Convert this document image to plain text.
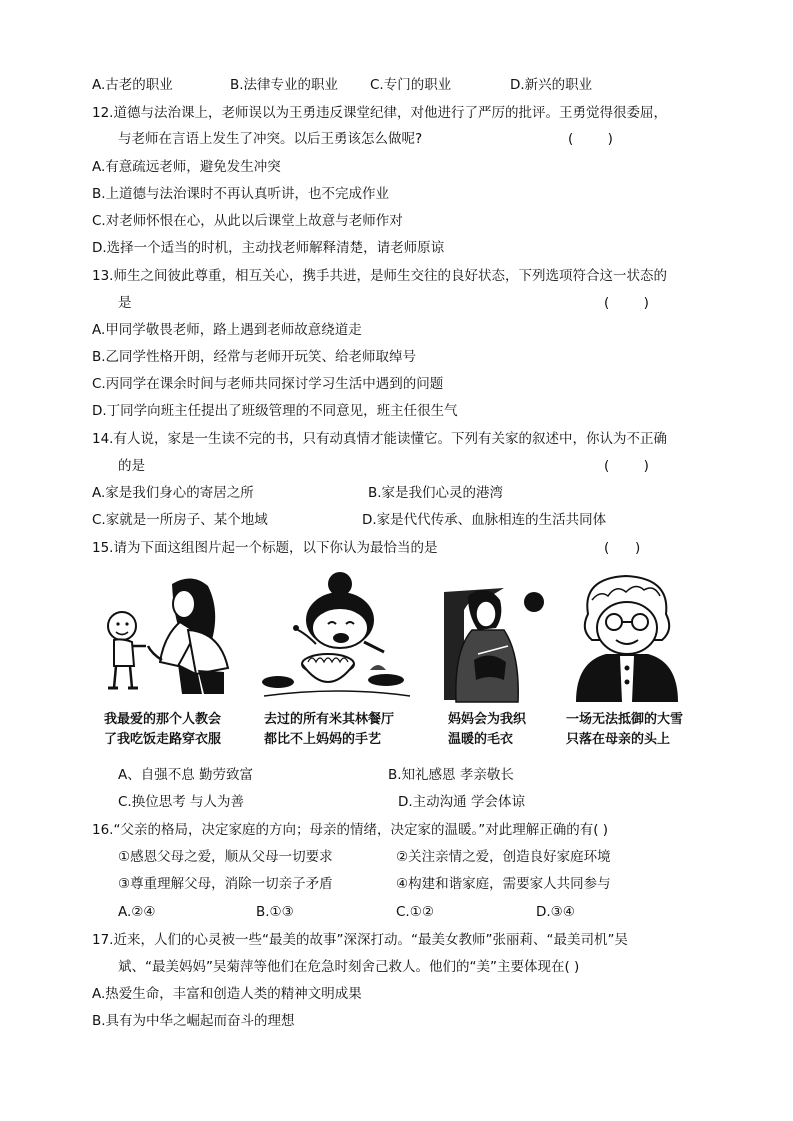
A.古老的职业	B.法律专业的职业 C.专门的职业	D.新兴的职业
12.道德与法治课上，老师误以为王勇违反课堂纪律，对他进行了严厉的批评。王勇觉得很委屈，
与老师在言语上发生了冲突。以后王勇该怎么做呢?	(        )
A.有意疏远老师，避免发生冲突
B.上道德与法治课时不再认真听讲，也不完成作业
C.对老师怀恨在心，从此以后课堂上故意与老师作对
D.选择一个适当的时机，主动找老师解释清楚，请老师原谅
13.师生之间彼此尊重，相互关心，携手共进，是师生交往的良好状态，下列选项符合这一状态的
是	(        )
A.甲同学敬畏老师，路上遇到老师故意绕道走
B.乙同学性格开朗，经常与老师开玩笑、给老师取绰号
C.丙同学在课余时间与老师共同探讨学习生活中遇到的问题
D.丁同学向班主任提出了班级管理的不同意见，班主任很生气
14.有人说，家是一生读不完的书，只有动真情才能读懂它。下列有关家的叙述中，你认为不正确
的是	(        )
A.家是我们身心的寄居之所	B.家是我们心灵的港湾
C.家就是一所房子、某个地域	D.家是代代传承、血脉相连的生活共同体
15.请为下面这组图片起一个标题，以下你认为最恰当的是	(      )
我最爱的那个人教会
了我吃饭走路穿衣服
去过的所有米其林餐厅
都比不上妈妈的手艺
妈妈会为我织
温暖的毛衣
一场无法抵御的大雪
只落在母亲的头上
A、自强不息 勤劳致富	B.知礼感恩 孝亲敬长
C.换位思考 与人为善	D.主动沟通 学会体谅
16.“父亲的格局，决定家庭的方向；母亲的情绪，决定家的温暖。”对此理解正确的有( )
①感恩父母之爱，顺从父母一切要求	②关注亲情之爱，创造良好家庭环境
③尊重理解父母，消除一切亲子矛盾	④构建和谐家庭，需要家人共同参与
A.②④	B.①③	C.①②	D.③④
17.近来，人们的心灵被一些“最美的故事”深深打动。“最美女教师”张丽莉、“最美司机”吴
斌、“最美妈妈”吴菊萍等他们在危急时刻舍己救人。他们的“美”主要体现在( )
A.热爱生命，丰富和创造人类的精神文明成果
B.具有为中华之崛起而奋斗的理想
